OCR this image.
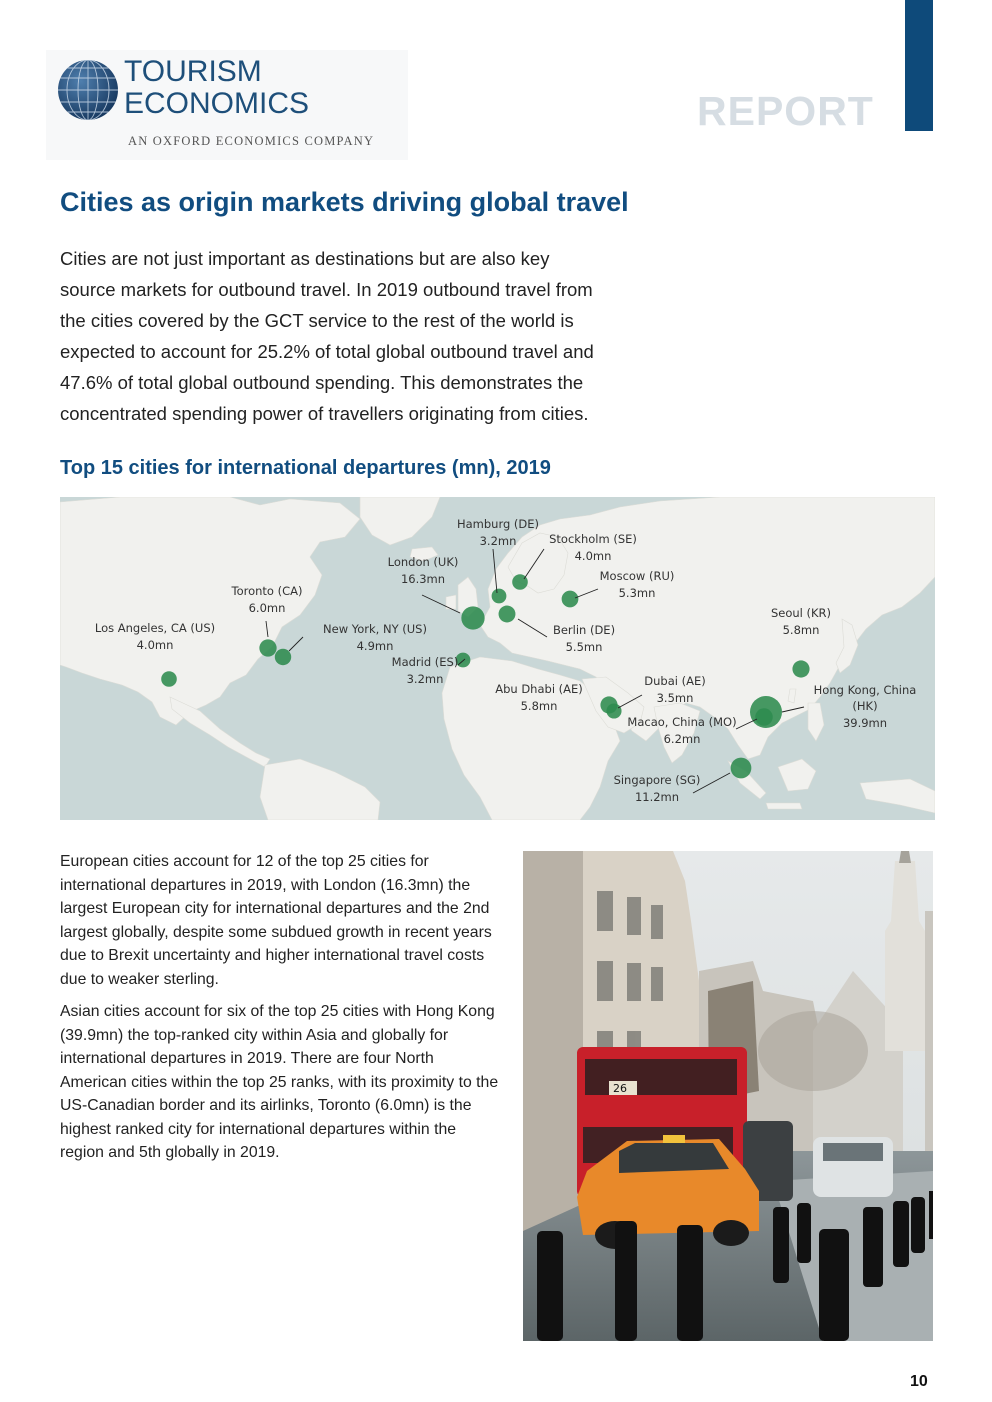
TOURISM
ECONOMICS
AN OXFORD ECONOMICS COMPANY
REPORT
Cities as origin markets driving global travel

Cities are not just important as destinations but are also key

source markets for outbound travel. In 2019 outbound travel from

the cities covered by the GCT service to the rest of the world is

expected to account for 25.2% of total global outbound travel and

47.6% of total global outbound spending. This demonstrates the

concentrated spending power of travellers originating from cities.

Top 15 cities for international departures (mn), 2019
Hamburg (DE)
3.2mn	Stockholm (SE)
4.0mn
London (UK)
16.3mn	Moscow (RU)
5.3mn
Toronto (CA)
6.0mn	Seoul (KR)
5.8mn
Los Angeles, CA (US)
4.0mn
New York, NY (US)
4.9mn
Berlin (DE)
5.5mn
Madrid (ES)
3.2mn	Dubai (AE)
3.5mn
Abu Dhabi (AE)
5.8mn
Hong Kong, China (HK)
39.9mn
Macao, China (MO)
6.2mn
Singapore (SG)
11.2mn

European cities account for 12 of the top 25 cities for international departures in 2019, with London (16.3mn) the largest European city for international departures and the 2nd largest globally, despite some subdued growth in recent years due to Brexit uncertainty and higher international travel costs due to weaker sterling.

Asian cities account for six of the top 25 cities with Hong Kong (39.9mn) the top-ranked city within Asia and globally for international departures in 2019. There are four North American cities within the top 25 ranks, with its proximity to the US-Canadian border and its airlinks, Toronto (6.0mn) is the highest ranked city for international departures within the region and 5th globally in 2019.

26
10
